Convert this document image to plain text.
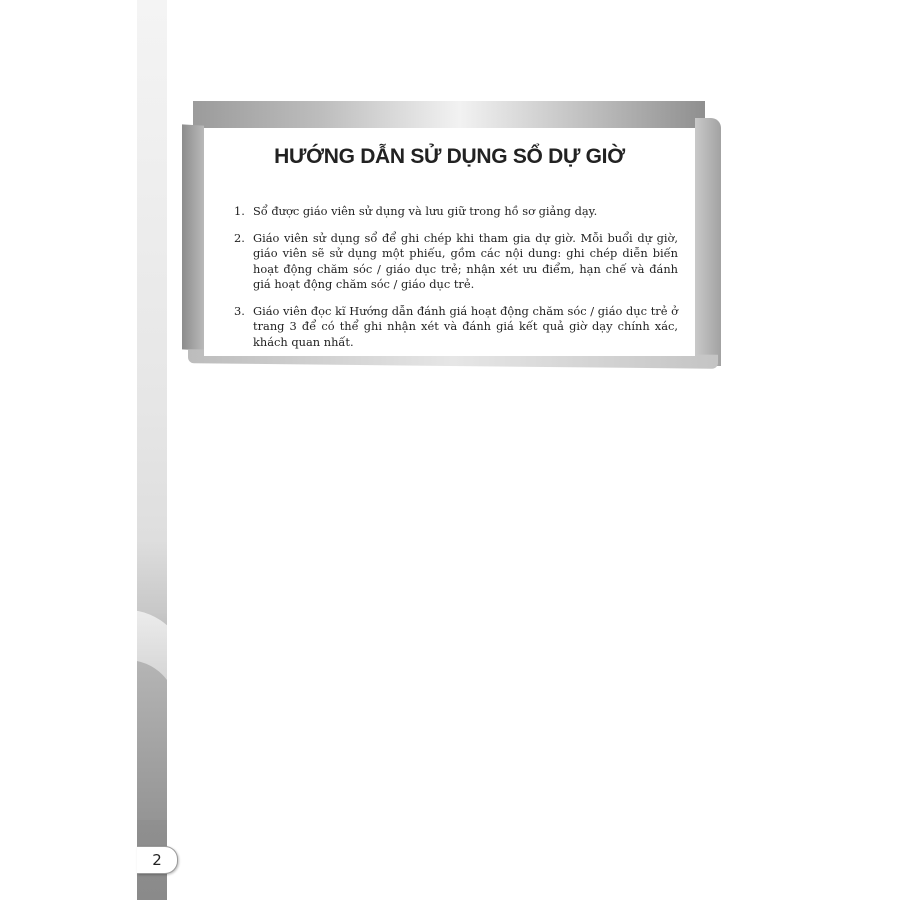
2
HƯỚNG DẪN SỬ DỤNG SỔ DỰ GIỜ
1. Sổ được giáo viên sử dụng và lưu giữ trong hồ sơ giảng dạy.
2. Giáo viên sử dụng sổ để ghi chép khi tham gia dự giờ. Mỗi buổi dự giờ, giáo viên sẽ sử dụng một phiếu, gồm các nội dung: ghi chép diễn biến hoạt động chăm sóc / giáo dục trẻ; nhận xét ưu điểm, hạn chế và đánh giá hoạt động chăm sóc / giáo dục trẻ.
3. Giáo viên đọc kĩ Hướng dẫn đánh giá hoạt động chăm sóc / giáo dục trẻ ở trang 3 để có thể ghi nhận xét và đánh giá kết quả giờ dạy chính xác, khách quan nhất.
